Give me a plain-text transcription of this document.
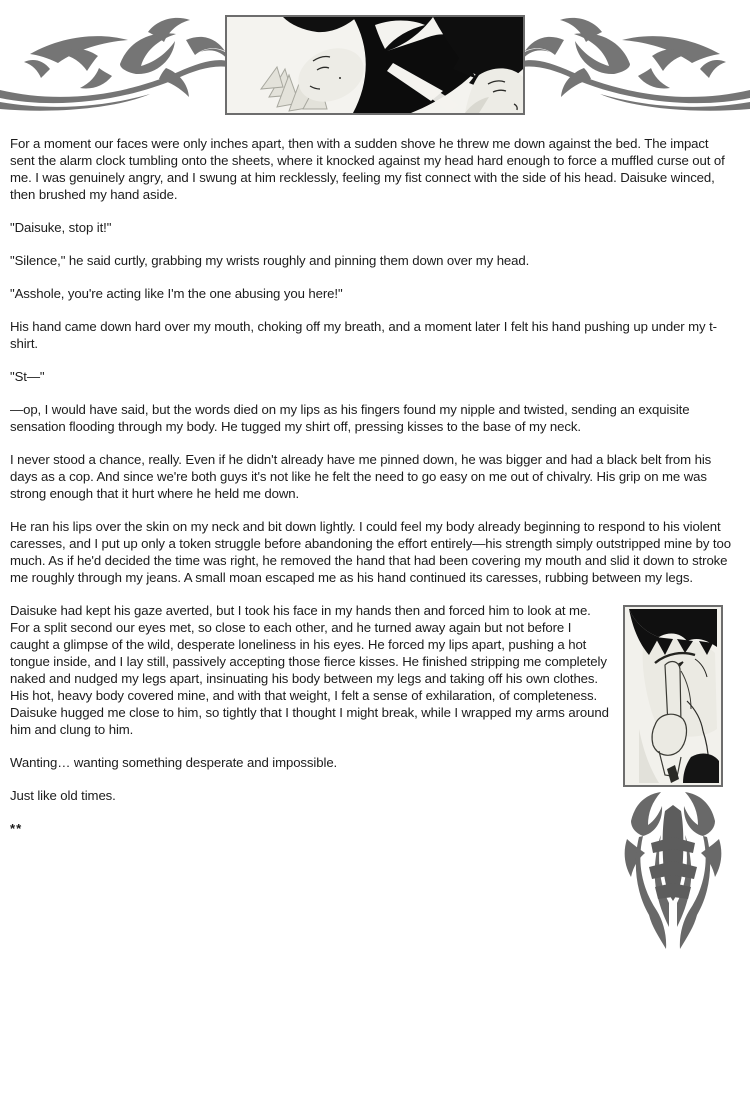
For a moment our faces were only inches apart, then with a sudden shove he threw me down against the bed. The impact sent the alarm clock tumbling onto the sheets, where it knocked against my head hard enough to force a muffled curse out of me. I was genuinely angry, and I swung at him recklessly, feeling my fist connect with the side of his head. Daisuke winced, then brushed my hand aside.

"Daisuke, stop it!"

"Silence," he said curtly, grabbing my wrists roughly and pinning them down over my head.

"Asshole, you're acting like I'm the one abusing you here!"

His hand came down hard over my mouth, choking off my breath, and a moment later I felt his hand pushing up under my t-shirt.

"St—"

—op, I would have said, but the words died on my lips as his fingers found my nipple and twisted, sending an exquisite sensation flooding through my body. He tugged my shirt off, pressing kisses to the base of my neck.

I never stood a chance, really. Even if he didn't already have me pinned down, he was bigger and had a black belt from his days as a cop. And since we're both guys it's not like he felt the need to go easy on me out of chivalry. His grip on me was strong enough that it hurt where he held me down.

He ran his lips over the skin on my neck and bit down lightly. I could feel my body already beginning to respond to his violent caresses, and I put up only a token struggle before abandoning the effort entirely—his strength simply outstripped mine by too much. As if he'd decided the time was right, he removed the hand that had been covering my mouth and slid it down to stroke me roughly through my jeans. A small moan escaped me as his hand continued its caresses, rubbing between my legs.

Daisuke had kept his gaze averted, but I took his face in my hands then and forced him to look at me. For a split second our eyes met, so close to each other, and he turned away again but not before I caught a glimpse of the wild, desperate loneliness in his eyes. He forced my lips apart, pushing a hot tongue inside, and I lay still, passively accepting those fierce kisses. He finished stripping me completely naked and nudged my legs apart, insinuating his body between my legs and taking off his own clothes. His hot, heavy body covered mine, and with that weight, I felt a sense of exhilaration, of completeness. Daisuke hugged me close to him, so tightly that I thought I might break, while I wrapped my arms around him and clung to him.

Wanting… wanting something desperate and impossible.

Just like old times.

**
